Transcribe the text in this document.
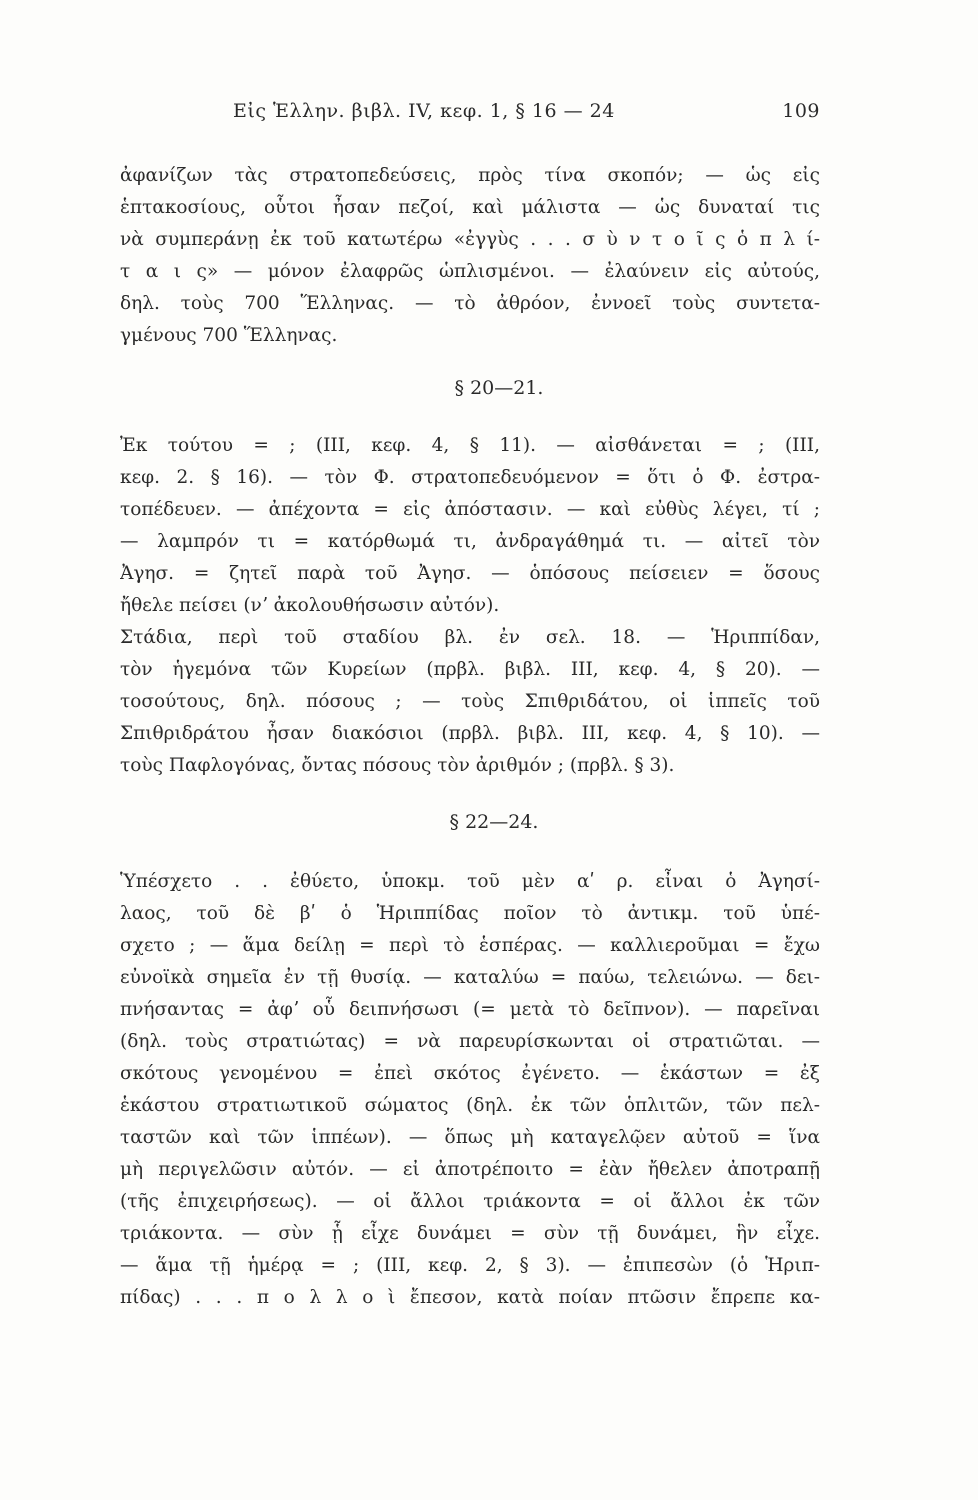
Εἰς Ἑλλην. βιβλ. IV, κεφ. 1, § 16 — 24	109
ἀφανίζων τὰς στρατοπεδεύσεις, πρὸς τίνα σκοπόν; — ὡς εἰς
ἑπτακοσίους, οὗτοι ἦσαν πεζοί, καὶ μάλιστα — ὡς δυναταί τις
νὰ συμπεράνῃ ἐκ τοῦ κατωτέρω «ἐγγὺς . . . σ ὺ ν τ ο ῖ ς ὁ π λ ί-
τ α ι ς» — μόνον ἐλαφρῶς ὡπλισμένοι. — ἐλαύνειν εἰς αὐτούς,
δηλ. τοὺς 700 Ἕλληνας. — τὸ ἀθρόον, ἐννοεῖ τοὺς συντετα-
γμένους 700 Ἕλληνας.
§ 20—21.
Ἐκ τούτου = ; (III, κεφ. 4, § 11). — αἰσθάνεται = ; (III,
κεφ. 2. § 16). — τὸν Φ. στρατοπεδευόμενον = ὅτι ὁ Φ. ἐστρα-
τοπέδευεν. — ἀπέχοντα = εἰς ἀπόστασιν. — καὶ εὐθὺς λέγει, τί ;
— λαμπρόν τι = κατόρθωμά τι, ἀνδραγάθημά τι. — αἰτεῖ τὸν
Ἀγησ. = ζητεῖ παρὰ τοῦ Ἀγησ. — ὁπόσους πείσειεν = ὅσους
ἤθελε πείσει (νʼ ἀκολουθήσωσιν αὐτόν).
Στάδια, περὶ τοῦ σταδίου βλ. ἐν σελ. 18. — Ἡριππίδαν,
τὸν ἡγεμόνα τῶν Κυρείων (πρβλ. βιβλ. III, κεφ. 4, § 20). —
τοσούτους, δηλ. πόσους ; — τοὺς Σπιθριδάτου, οἱ ἱππεῖς τοῦ
Σπιθριδράτου ἦσαν διακόσιοι (πρβλ. βιβλ. III, κεφ. 4, § 10). —
τοὺς Παφλογόνας, ὄντας πόσους τὸν ἀριθμόν ; (πρβλ. § 3).
§ 22—24.
Ὑπέσχετο . . ἐθύετο, ὑποκμ. τοῦ μὲν αʹ ρ. εἶναι ὁ Ἀγησί-
λαος, τοῦ δὲ βʹ ὁ Ἡριππίδας ποῖον τὸ ἀντικμ. τοῦ ὑπέ-
σχετο ; — ἅμα δείλῃ = περὶ τὸ ἑσπέρας. — καλλιεροῦμαι = ἔχω
εὐνοϊκὰ σημεῖα ἐν τῇ θυσίᾳ. — καταλύω = παύω, τελειώνω. — δει-
πνήσαντας = ἀφʼ οὗ δειπνήσωσι (= μετὰ τὸ δεῖπνον). — παρεῖναι
(δηλ. τοὺς στρατιώτας) = νὰ παρευρίσκωνται οἱ στρατιῶται. —
σκότους γενομένου = ἐπεὶ σκότος ἐγένετο. — ἑκάστων = ἐξ
ἑκάστου στρατιωτικοῦ σώματος (δηλ. ἐκ τῶν ὁπλιτῶν, τῶν πελ-
ταστῶν καὶ τῶν ἱππέων). — ὅπως μὴ καταγελῷεν αὐτοῦ = ἵνα
μὴ περιγελῶσιν αὐτόν. — εἰ ἀποτρέποιτο = ἐὰν ἤθελεν ἀποτραπῇ
(τῆς ἐπιχειρήσεως). — οἱ ἄλλοι τριάκοντα = οἱ ἄλλοι ἐκ τῶν
τριάκοντα. — σὺν ᾗ εἶχε δυνάμει = σὺν τῇ δυνάμει, ἣν εἶχε.
— ἅμα τῇ ἡμέρᾳ = ; (III, κεφ. 2, § 3). — ἐπιπεσὼν (ὁ Ἡριπ-
πίδας) . . . π ο λ λ ο ὶ ἔπεσον, κατὰ ποίαν πτῶσιν ἔπρεπε κα-
